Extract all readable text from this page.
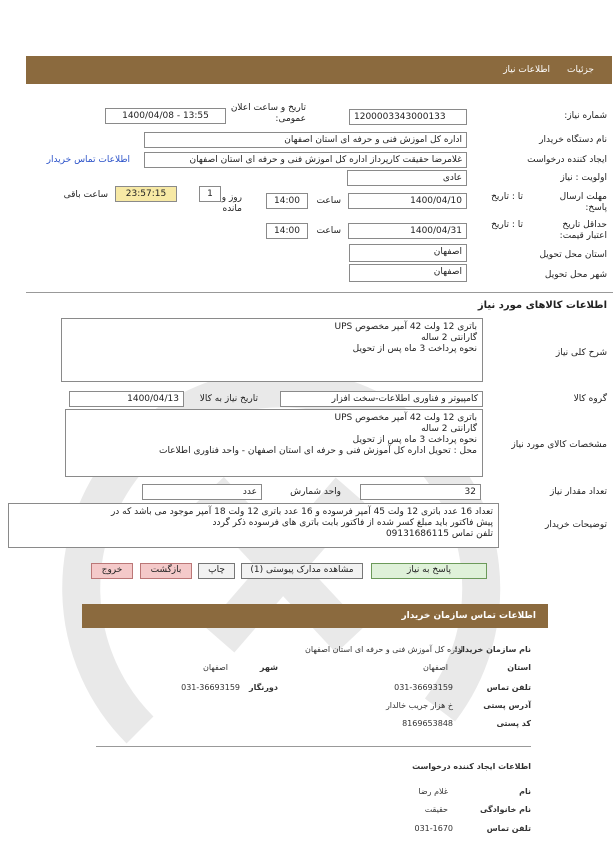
جزئیات
اطلاعات نیاز
شماره نیاز:
1200003343000133
تاریخ و ساعت اعلان عمومی:
1400/04/08 - 13:55
نام دستگاه خریدار
اداره کل اموزش فنی و حرفه ای استان اصفهان
ایجاد کننده درخواست
غلامرضا حقیقت کارپرداز اداره کل اموزش فنی و حرفه ای استان اصفهان
اطلاعات تماس خریدار
اولویت : نیاز
عادی
مهلت ارسال پاسخ:
تا : تاریخ
1400/04/10
ساعت
14:00
1 روز و
مانده
23:57:15
ساعت باقی
حداقل تاریخ اعتبار قیمت:
تا : تاریخ
1400/04/31
ساعت
14:00
استان محل تحویل
اصفهان
شهر محل تحویل
اصفهان
اطلاعات کالاهای مورد نیاز
شرح کلی نیاز
باتری 12 ولت 42 آمپر مخصوص UPS
گارانتی 2 ساله
نحوه پرداخت 3 ماه پس از تحویل
گروه کالا
کامپیوتر و فناوری اطلاعات-سخت افزار
تاریخ نیاز به کالا
1400/04/13
مشخصات کالای مورد نیاز
باتری 12 ولت 42 آمپر مخصوص UPS
گارانتی 2 ساله
نحوه پرداخت 3 ماه پس از تحویل
محل : تحویل اداره کل آموزش فنی و حرفه ای استان اصفهان - واحد فناوری اطلاعات
تعداد مقدار نیاز
32
واحد شمارش
عدد
توضیحات خریدار
تعداد 16 عدد باتری 12 ولت 45 آمپر فرسوده و 16 عدد باتری 12 ولت 18 آمپر موجود می باشد که در
پیش فاکتور باید مبلغ کسر شده از فاکتور بابت باتری های فرسوده ذکر گردد
تلفن تماس 09131686115
پاسخ به نیاز
مشاهده مدارک پیوستی (1)
چاپ
بازگشت
خروج
اطلاعات تماس سازمان خریدار
نام سازمان خریدار:
اداره کل آموزش فنی و حرفه ای استان اصفهان
استان
اصفهان
شهر
اصفهان
تلفن تماس
031-36693159
دورنگار
031-36693159
آدرس پستی
خ هزار جریب خالدار
کد پستی
8169653848
اطلاعات ایجاد کننده درخواست
نام
غلام رضا
نام خانوادگی
حقیقت
تلفن تماس
031-1670
